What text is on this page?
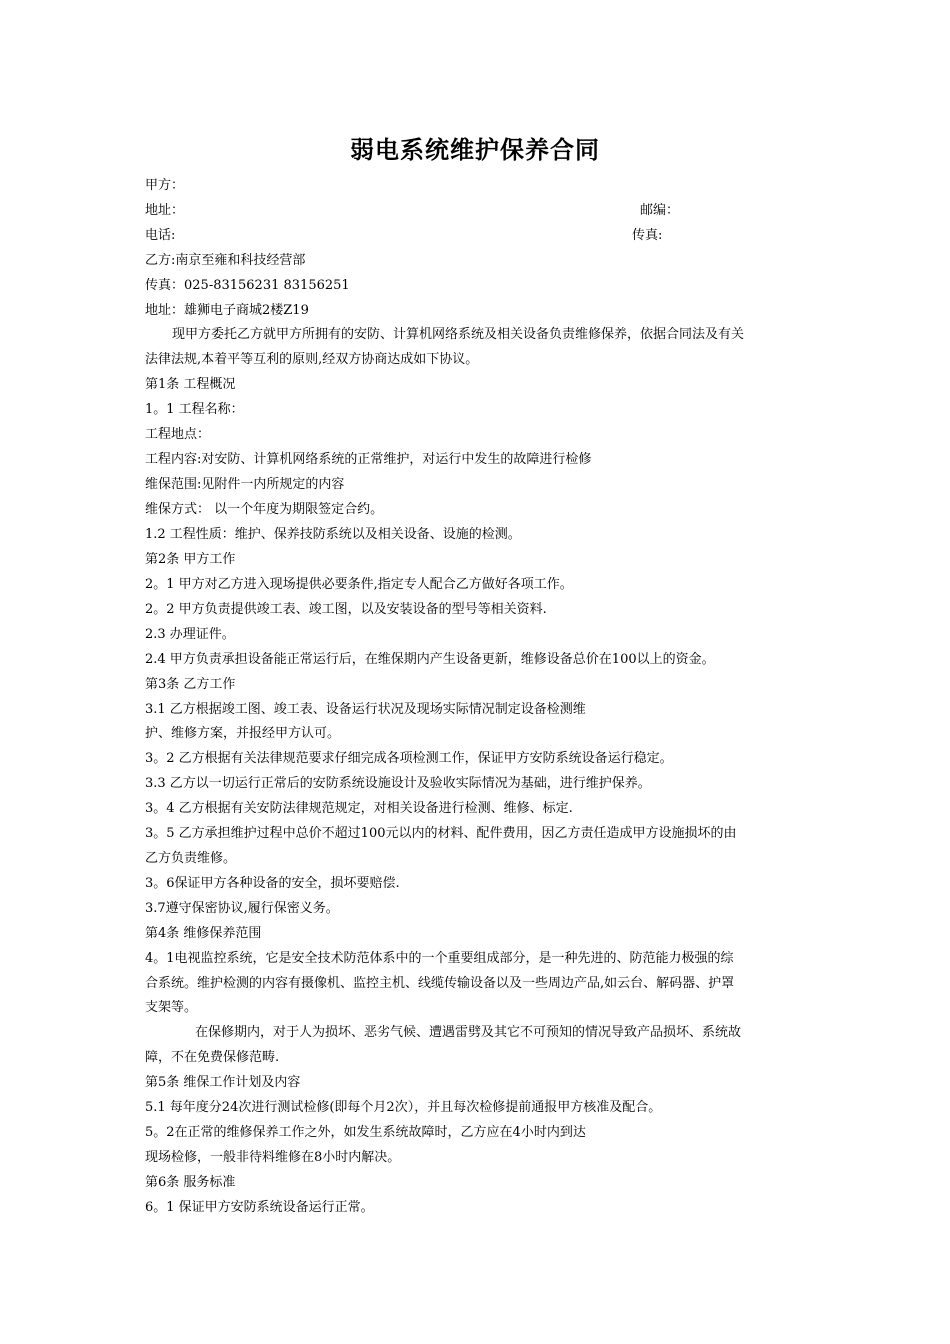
弱电系统维护保养合同
邮编：
传真:
甲方：
地址：
电话:
乙方:南京至雍和科技经营部
传真：025-83156231 83156251
地址：雄狮电子商城2楼Z19
现甲方委托乙方就甲方所拥有的安防、计算机网络系统及相关设备负责维修保养，依据合同法及有关
法律法规,本着平等互利的原则,经双方协商达成如下协议。
第1条 工程概况
1。1 工程名称：
工程地点：
工程内容:对安防、计算机网络系统的正常维护，对运行中发生的故障进行检修
维保范围:见附件一内所规定的内容
维保方式： 以一个年度为期限签定合约。
1.2 工程性质：维护、保养技防系统以及相关设备、设施的检测。
第2条 甲方工作
2。1 甲方对乙方进入现场提供必要条件,指定专人配合乙方做好各项工作。
2。2 甲方负责提供竣工表、竣工图，以及安装设备的型号等相关资料.
2.3 办理证件。
2.4 甲方负责承担设备能正常运行后，在维保期内产生设备更新，维修设备总价在100以上的资金。
第3条 乙方工作
3.1 乙方根据竣工图、竣工表、设备运行状况及现场实际情况制定设备检测维
护、维修方案，并报经甲方认可。
3。2 乙方根据有关法律规范要求仔细完成各项检测工作，保证甲方安防系统设备运行稳定。
3.3 乙方以一切运行正常后的安防系统设施设计及验收实际情况为基础，进行维护保养。
3。4 乙方根据有关安防法律规范规定，对相关设备进行检测、维修、标定.
3。5 乙方承担维护过程中总价不超过100元以内的材料、配件费用，因乙方责任造成甲方设施损坏的由
乙方负责维修。
3。6保证甲方各种设备的安全，损坏要赔偿.
3.7遵守保密协议,履行保密义务。
第4条 维修保养范围
4。1电视监控系统，它是安全技术防范体系中的一个重要组成部分，是一种先进的、防范能力极强的综
合系统。维护检测的内容有摄像机、监控主机、线缆传输设备以及一些周边产品,如云台、解码器、护罩
支架等。
在保修期内，对于人为损坏、恶劣气候、遭遇雷劈及其它不可预知的情况导致产品损坏、系统故
障，不在免费保修范畴.
第5条 维保工作计划及内容
5.1 每年度分24次进行测试检修(即每个月2次），并且每次检修提前通报甲方核准及配合。
5。2在正常的维修保养工作之外，如发生系统故障时，乙方应在4小时内到达
现场检修，一般非待料维修在8小时内解决。
第6条 服务标准
6。1 保证甲方安防系统设备运行正常。
